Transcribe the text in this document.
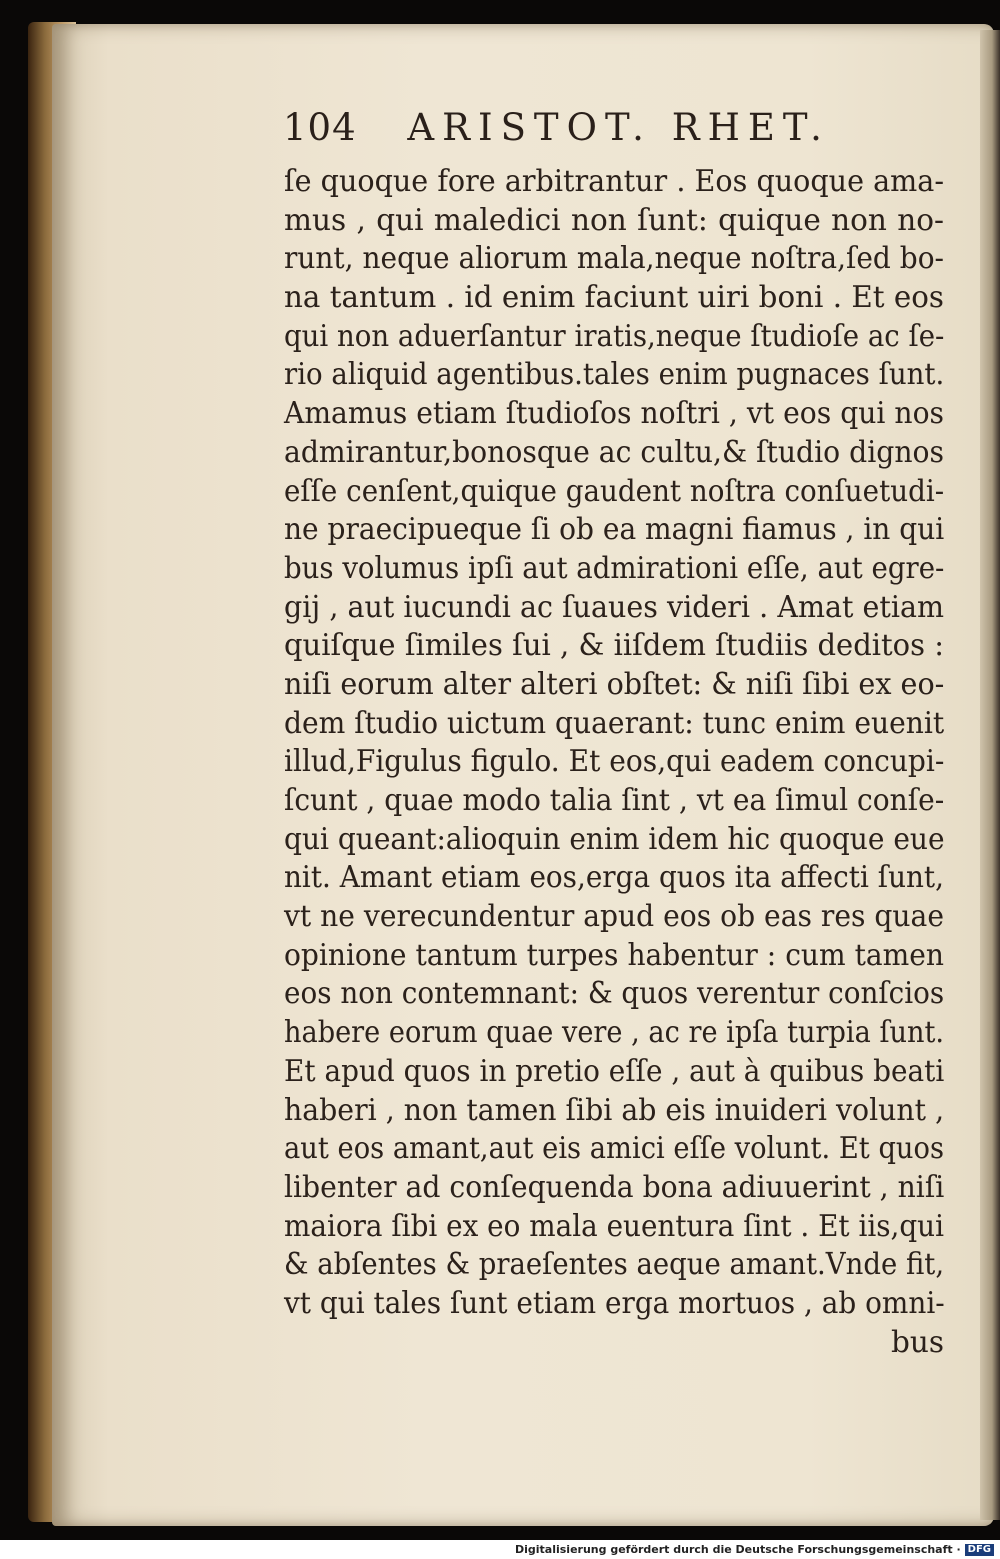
104 ARISTOT. RHET.
ſe quoque fore arbitrantur . Eos quoque ama-
mus , qui maledici non ſunt: quique non no-
runt, neque aliorum mala,neque noſtra,ſed bo-
na tantum . id enim faciunt uiri boni . Et eos
qui non aduerſantur iratis,neque ſtudioſe ac ſe-
rio aliquid agentibus.tales enim pugnaces ſunt.
Amamus etiam ſtudioſos noſtri , vt eos qui nos
admirantur,bonosque ac cultu,& ſtudio dignos
eſſe cenſent,quique gaudent noſtra conſuetudi-
ne praecipueque ſi ob ea magni fiamus , in qui
bus volumus ipſi aut admirationi eſſe, aut egre-
gij , aut iucundi ac ſuaues videri . Amat etiam
quiſque ſimiles ſui , & iiſdem ſtudiis deditos :
niſi eorum alter alteri obſtet: & niſi ſibi ex eo-
dem ſtudio uictum quaerant: tunc enim euenit
illud,Figulus figulo. Et eos,qui eadem concupi-
ſcunt , quae modo talia ſint , vt ea ſimul conſe-
qui queant:alioquin enim idem hic quoque eue
nit. Amant etiam eos,erga quos ita affecti ſunt,
vt ne verecundentur apud eos ob eas res quae
opinione tantum turpes habentur : cum tamen
eos non contemnant: & quos verentur conſcios
habere eorum quae vere , ac re ipſa turpia ſunt.
Et apud quos in pretio eſſe , aut à quibus beati
haberi , non tamen ſibi ab eis inuideri volunt ,
aut eos amant,aut eis amici eſſe volunt. Et quos
libenter ad conſequenda bona adiuuerint , niſi
maiora ſibi ex eo mala euentura ſint . Et iis,qui
& abſentes & praeſentes aeque amant.Vnde fit,
vt qui tales ſunt etiam erga mortuos , ab omni-
bus
Digitalisierung gefördert durch die Deutsche Forschungsgemeinschaft · DFG
